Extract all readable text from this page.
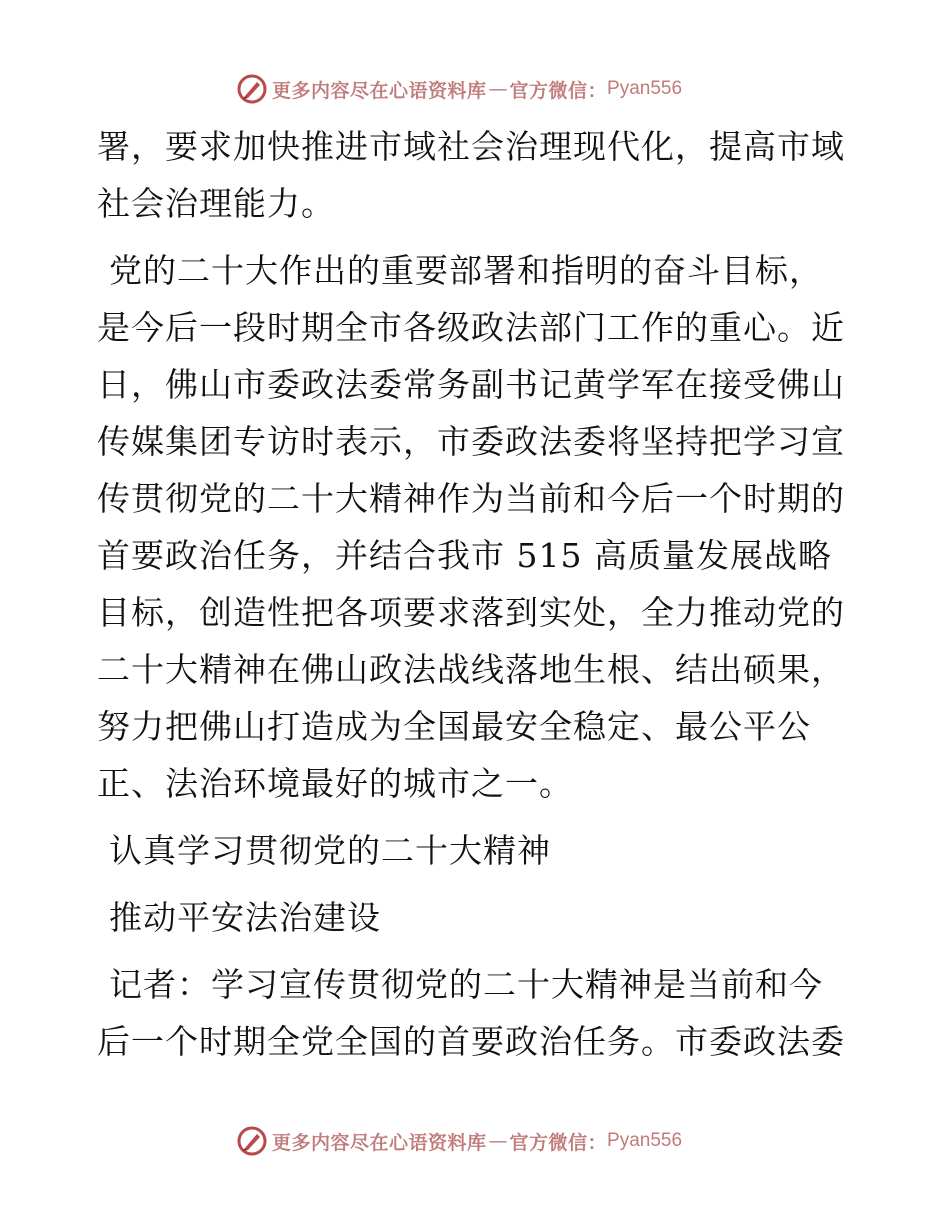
更多内容尽在心语资料库 — 官方微信： Pyan556

署，要求加快推进市域社会治理现代化，提高市域
社会治理能力。

党的二十大作出的重要部署和指明的奋斗目标，
是今后一段时期全市各级政法部门工作的重心。近
日，佛山市委政法委常务副书记黄学军在接受佛山
传媒集团专访时表示，市委政法委将坚持把学习宣
传贯彻党的二十大精神作为当前和今后一个时期的
首要政治任务，并结合我市 515 高质量发展战略
目标，创造性把各项要求落到实处，全力推动党的
二十大精神在佛山政法战线落地生根、结出硕果，
努力把佛山打造成为全国最安全稳定、最公平公
正、法治环境最好的城市之一。

认真学习贯彻党的二十大精神

推动平安法治建设

记者：学习宣传贯彻党的二十大精神是当前和今
后一个时期全党全国的首要政治任务。市委政法委

更多内容尽在心语资料库 — 官方微信： Pyan556
